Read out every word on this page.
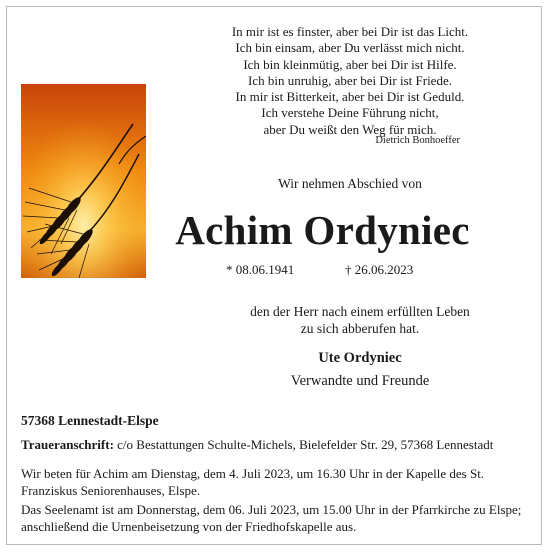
In mir ist es finster, aber bei Dir ist das Licht.
Ich bin einsam, aber Du verlässt mich nicht.
Ich bin kleinmütig, aber bei Dir ist Hilfe.
Ich bin unruhig, aber bei Dir ist Friede.
In mir ist Bitterkeit, aber bei Dir ist Geduld.
Ich verstehe Deine Führung nicht,
aber Du weißt den Weg für mich.
Dietrich Bonhoeffer
Wir nehmen Abschied von
Achim Ordyniec
* 08.06.1941	† 26.06.2023
den der Herr nach einem erfüllten Leben
zu sich abberufen hat.
Ute Ordyniec
Verwandte und Freunde
57368 Lennestadt-Elspe
Traueranschrift: c/o Bestattungen Schulte-Michels, Bielefelder Str. 29, 57368 Lennestadt
Wir beten für Achim am Dienstag, dem 4. Juli 2023, um 16.30 Uhr in der Kapelle des St. Franziskus Seniorenhauses, Elspe.
Das Seelenamt ist am Donnerstag, dem 06. Juli 2023, um 15.00 Uhr in der Pfarrkirche zu Elspe; anschließend die Urnenbeisetzung von der Friedhofskapelle aus.
